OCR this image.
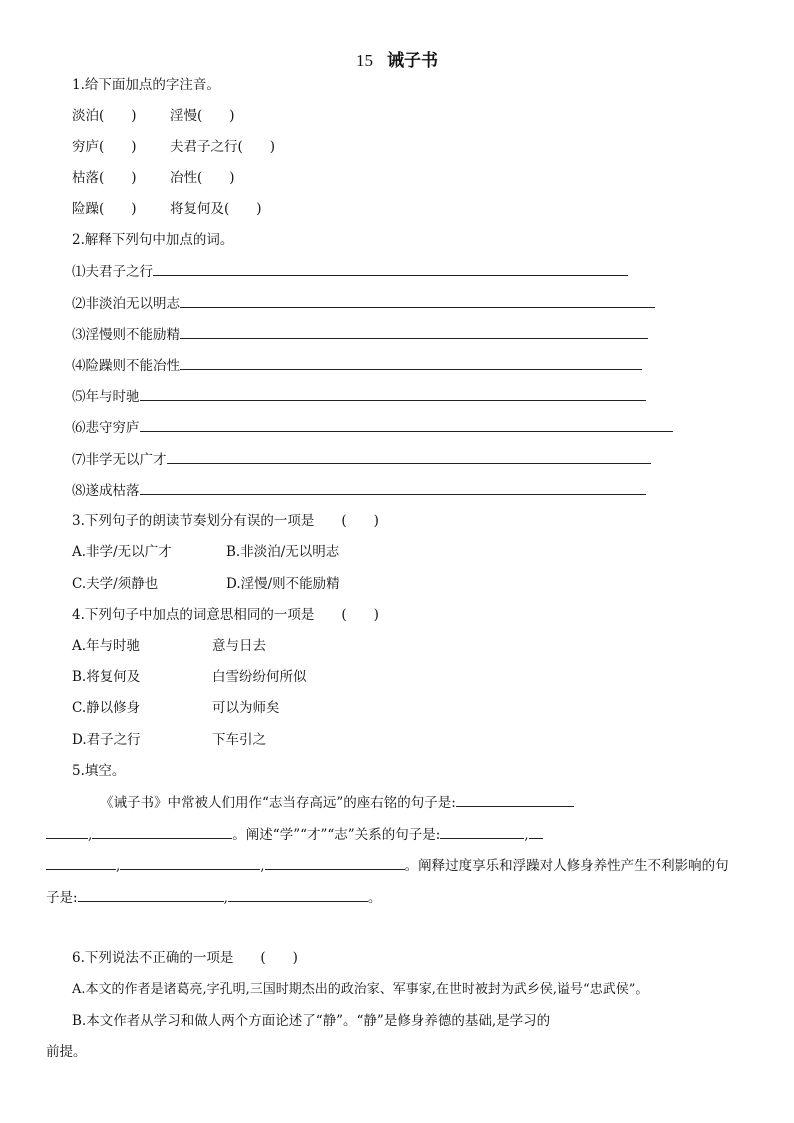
15 诫子书
1.给下面加点的字注音。
淡泊(　　) 淫慢(　　)
穷庐(　　) 夫君子之行(　　)
枯落(　　) 冶性(　　)
险躁(　　) 将复何及(　　)
2.解释下列句中加点的词。
⑴夫君子之行
⑵非淡泊无以明志
⑶淫慢则不能励精
⑷险躁则不能冶性
⑸年与时驰
⑹悲守穷庐
⑺非学无以广才
⑻遂成枯落
3.下列句子的朗读节奏划分有误的一项是　　(　　)
A.非学/无以广才	B.非淡泊/无以明志
C.夫学/须静也	D.淫慢/则不能励精
4.下列句子中加点的词意思相同的一项是　　(　　)
A.年与时驰	意与日去
B.将复何及	白雪纷纷何所似
C.静以修身	可以为师矣
D.君子之行	下车引之
5.填空。
《诫子书》中常被人们用作“志当存高远”的座右铭的句子是:
,	。阐述“学”“才”“志”关系的句子是:	,
,	,	。阐释过度享乐和浮躁对人修身养性产生不利影响的句
子是:	,	。
6.下列说法不正确的一项是　　(　　)
A.本文的作者是诸葛亮,字孔明,三国时期杰出的政治家、军事家,在世时被封为武乡侯,谥号“忠武侯”。
B.本文作者从学习和做人两个方面论述了“静”。“静”是修身养德的基础,是学习的
前提。
